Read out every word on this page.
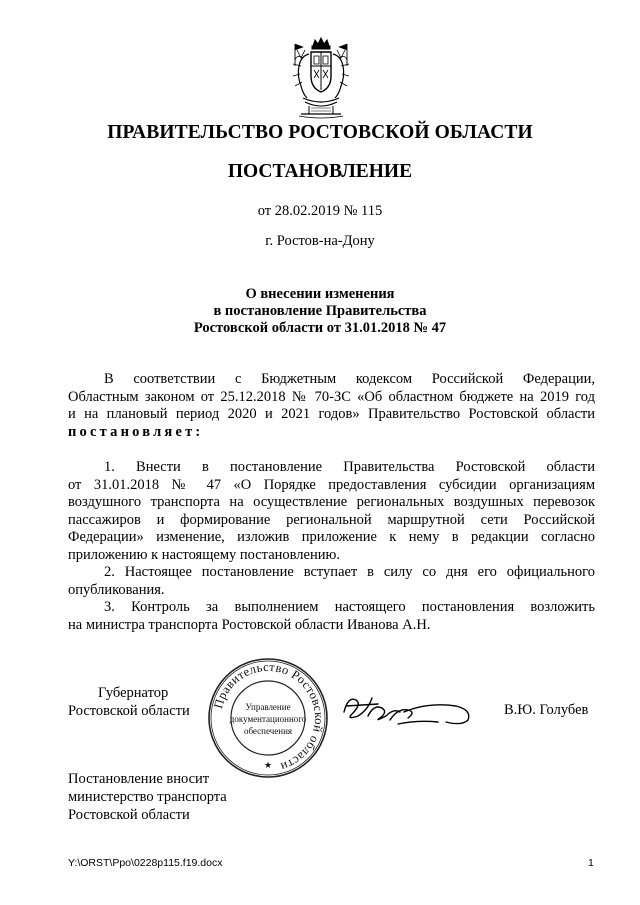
ПРАВИТЕЛЬСТВО РОСТОВСКОЙ ОБЛАСТИ
ПОСТАНОВЛЕНИЕ
от 28.02.2019 № 115
г. Ростов-на-Дону
О внесении изменения
в постановление Правительства
Ростовской области от 31.01.2018 № 47
В соответствии с Бюджетным кодексом Российской Федерации,
Областным законом от 25.12.2018 № 70-ЗС «Об областном бюджете на 2019 год
и на плановый период 2020 и 2021 годов» Правительство Ростовской области
постановляет:
1. Внести в постановление Правительства Ростовской области
от 31.01.2018 № 47 «О Порядке предоставления субсидии организациям
воздушного транспорта на осуществление региональных воздушных перевозок
пассажиров и формирование региональной маршрутной сети Российской
Федерации» изменение, изложив приложение к нему в редакции согласно
приложению к настоящему постановлению.
2. Настоящее постановление вступает в силу со дня его официального
опубликования.
3. Контроль за выполнением настоящего постановления возложить
на министра транспорта Ростовской области Иванова А.Н.
Губернатор
Ростовской области Правительство Ростовской области
Управление
документационного
обеспечения
★
В.Ю. Голубев
Постановление вносит
министерство транспорта
Ростовской области
Y:\ORST\Ppo\0228p115.f19.docx	1
